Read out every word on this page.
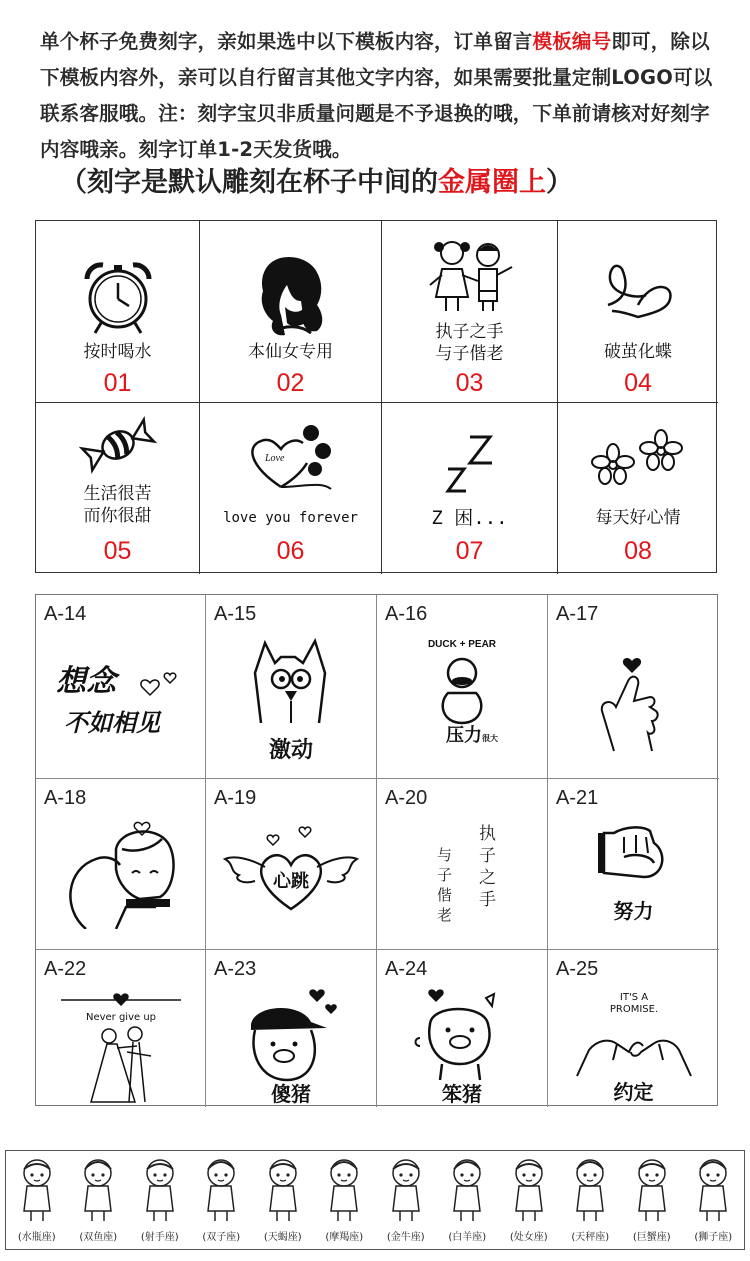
单个杯子免费刻字，亲如果选中以下模板内容，订单留言模板编号即可，除以下模板内容外，亲可以自行留言其他文字内容，如果需要批量定制LOGO可以联系客服哦。注：刻字宝贝非质量问题是不予退换的哦，下单前请核对好刻字内容哦亲。刻字订单1-2天发货哦。
（刻字是默认雕刻在杯子中间的金属圈上）
按时喝水
01
本仙女专用
02
执子之手
与子偕老
03
破茧化蝶
04
生活很苦
而你很甜
05
Love
love you forever
06
Z 困...
07
每天好心情
08
A-14
想念
不如相见
A-15
激动
A-16
DUCK + PEAR
压力 很大
A-17
A-18	A-19
心跳
A-20
执子之手
与子偕老
A-21
努力
A-22
Never give up
A-23
傻猪
A-24
笨猪
A-25
IT'S A
PROMISE.
约定
(水瓶座)	(双鱼座)	(射手座)	(双子座)	(天蝎座)	(摩羯座)	(金牛座)	(白羊座)	(处女座)	(天秤座)	(巨蟹座)	(狮子座)
